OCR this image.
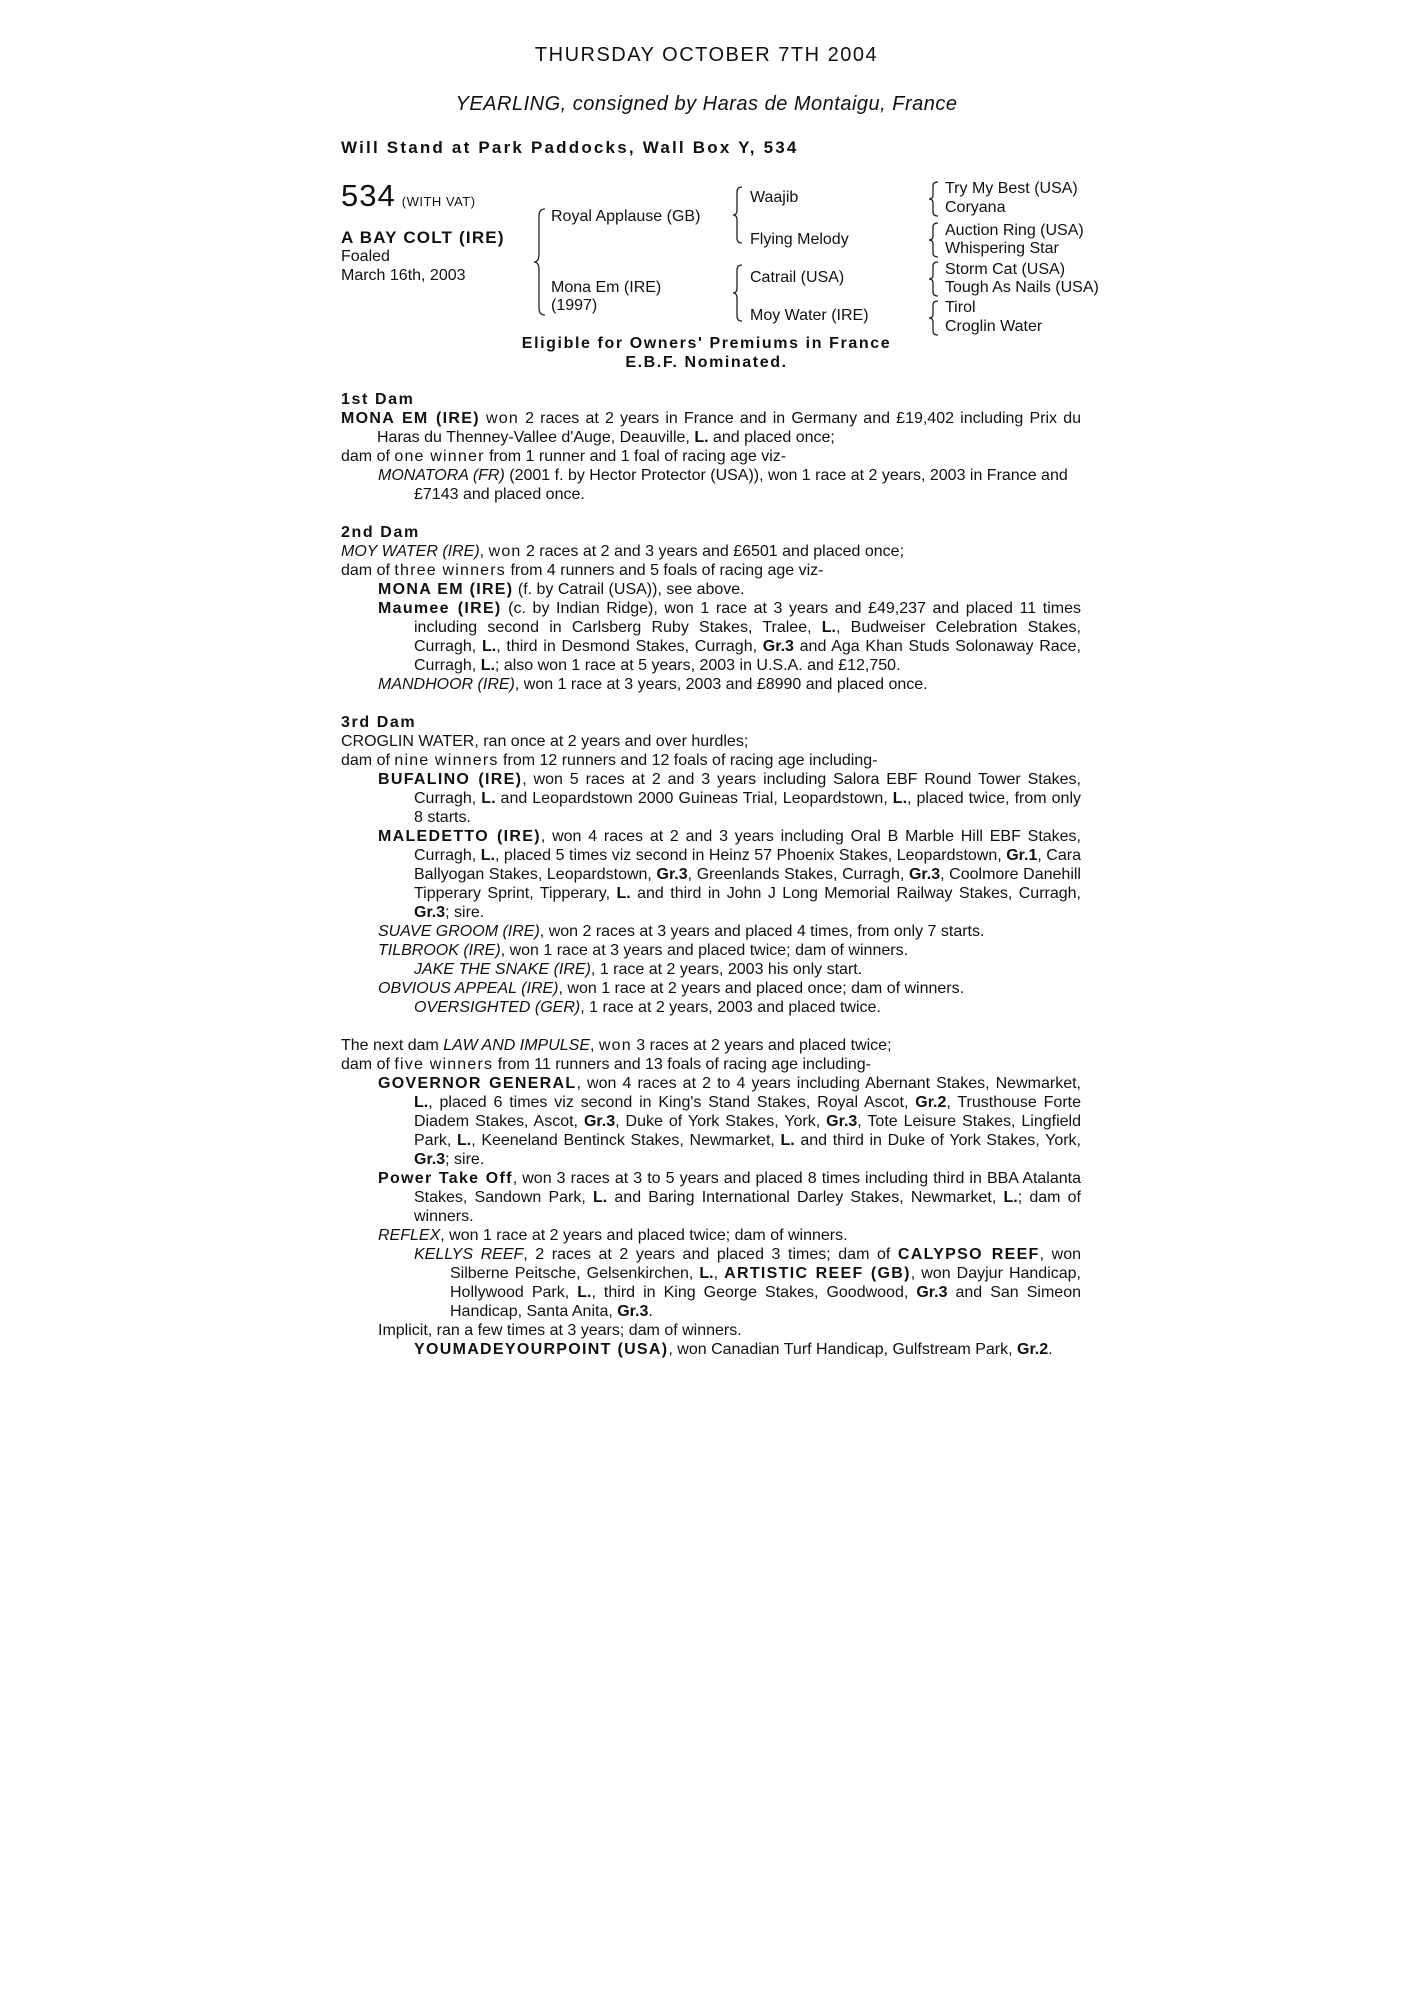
THURSDAY OCTOBER 7TH 2004
YEARLING, consigned by Haras de Montaigu, France
Will Stand at Park Paddocks, Wall Box Y, 534
534 (WITH VAT)
A BAY COLT (IRE)
Foaled
March 16th, 2003
Royal Applause (GB)
Mona Em (IRE)
(1997)
Waajib
Flying Melody
Catrail (USA)
Moy Water (IRE)
Try My Best (USA)
Coryana
Auction Ring (USA)
Whispering Star
Storm Cat (USA)
Tough As Nails (USA)
Tirol
Croglin Water
Eligible for Owners' Premiums in France
E.B.F. Nominated.
1st Dam
MONA EM (IRE) won 2 races at 2 years in France and in Germany and £19,402 including Prix du Haras du Thenney-Vallee d'Auge, Deauville, L. and placed once;
dam of one winner from 1 runner and 1 foal of racing age viz-
MONATORA (FR) (2001 f. by Hector Protector (USA)), won 1 race at 2 years, 2003 in France and £7143 and placed once.
2nd Dam
MOY WATER (IRE), won 2 races at 2 and 3 years and £6501 and placed once;
dam of three winners from 4 runners and 5 foals of racing age viz-
MONA EM (IRE) (f. by Catrail (USA)), see above.
Maumee (IRE) (c. by Indian Ridge), won 1 race at 3 years and £49,237 and placed 11 times including second in Carlsberg Ruby Stakes, Tralee, L., Budweiser Celebration Stakes, Curragh, L., third in Desmond Stakes, Curragh, Gr.3 and Aga Khan Studs Solonaway Race, Curragh, L.; also won 1 race at 5 years, 2003 in U.S.A. and £12,750.
MANDHOOR (IRE), won 1 race at 3 years, 2003 and £8990 and placed once.
3rd Dam
CROGLIN WATER, ran once at 2 years and over hurdles;
dam of nine winners from 12 runners and 12 foals of racing age including-
BUFALINO (IRE), won 5 races at 2 and 3 years including Salora EBF Round Tower Stakes, Curragh, L. and Leopardstown 2000 Guineas Trial, Leopardstown, L., placed twice, from only 8 starts.
MALEDETTO (IRE), won 4 races at 2 and 3 years including Oral B Marble Hill EBF Stakes, Curragh, L., placed 5 times viz second in Heinz 57 Phoenix Stakes, Leopardstown, Gr.1, Cara Ballyogan Stakes, Leopardstown, Gr.3, Greenlands Stakes, Curragh, Gr.3, Coolmore Danehill Tipperary Sprint, Tipperary, L. and third in John J Long Memorial Railway Stakes, Curragh, Gr.3; sire.
SUAVE GROOM (IRE), won 2 races at 3 years and placed 4 times, from only 7 starts.
TILBROOK (IRE), won 1 race at 3 years and placed twice; dam of winners.
JAKE THE SNAKE (IRE), 1 race at 2 years, 2003 his only start.
OBVIOUS APPEAL (IRE), won 1 race at 2 years and placed once; dam of winners.
OVERSIGHTED (GER), 1 race at 2 years, 2003 and placed twice.
The next dam LAW AND IMPULSE, won 3 races at 2 years and placed twice;
dam of five winners from 11 runners and 13 foals of racing age including-
GOVERNOR GENERAL, won 4 races at 2 to 4 years including Abernant Stakes, Newmarket, L., placed 6 times viz second in King's Stand Stakes, Royal Ascot, Gr.2, Trusthouse Forte Diadem Stakes, Ascot, Gr.3, Duke of York Stakes, York, Gr.3, Tote Leisure Stakes, Lingfield Park, L., Keeneland Bentinck Stakes, Newmarket, L. and third in Duke of York Stakes, York, Gr.3; sire.
Power Take Off, won 3 races at 3 to 5 years and placed 8 times including third in BBA Atalanta Stakes, Sandown Park, L. and Baring International Darley Stakes, Newmarket, L.; dam of winners.
REFLEX, won 1 race at 2 years and placed twice; dam of winners.
KELLYS REEF, 2 races at 2 years and placed 3 times; dam of CALYPSO REEF, won Silberne Peitsche, Gelsenkirchen, L., ARTISTIC REEF (GB), won Dayjur Handicap, Hollywood Park, L., third in King George Stakes, Goodwood, Gr.3 and San Simeon Handicap, Santa Anita, Gr.3.
Implicit, ran a few times at 3 years; dam of winners.
YOUMADEYOURPOINT (USA), won Canadian Turf Handicap, Gulfstream Park, Gr.2.
